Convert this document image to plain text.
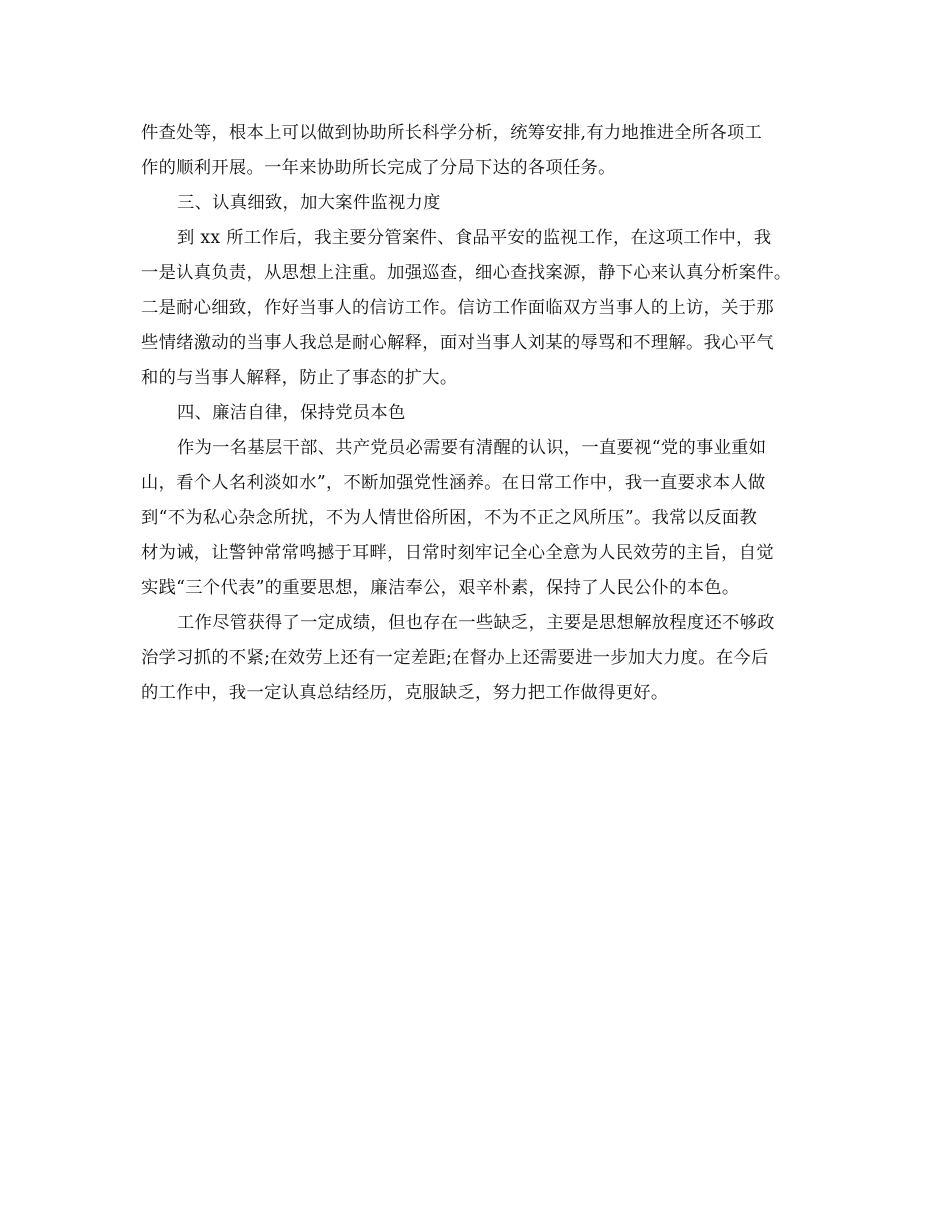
件查处等，根本上可以做到协助所长科学分析，统筹安排,有力地推进全所各项工
作的顺利开展。一年来协助所长完成了分局下达的各项任务。
三、认真细致，加大案件监视力度
到 xx 所工作后，我主要分管案件、食品平安的监视工作，在这项工作中，我
一是认真负责，从思想上注重。加强巡查，细心查找案源，静下心来认真分析案件。
二是耐心细致，作好当事人的信访工作。信访工作面临双方当事人的上访，关于那
些情绪激动的当事人我总是耐心解释，面对当事人刘某的辱骂和不理解。我心平气
和的与当事人解释，防止了事态的扩大。
四、廉洁自律，保持党员本色
作为一名基层干部、共产党员必需要有清醒的认识，一直要视“党的事业重如
山，看个人名利淡如水”，不断加强党性涵养。在日常工作中，我一直要求本人做
到“不为私心杂念所扰，不为人情世俗所困，不为不正之风所压”。我常以反面教
材为诫，让警钟常常鸣撼于耳畔，日常时刻牢记全心全意为人民效劳的主旨，自觉
实践“三个代表”的重要思想，廉洁奉公，艰辛朴素，保持了人民公仆的本色。
工作尽管获得了一定成绩，但也存在一些缺乏，主要是思想解放程度还不够政
治学习抓的不紧;在效劳上还有一定差距;在督办上还需要进一步加大力度。在今后
的工作中，我一定认真总结经历，克服缺乏，努力把工作做得更好。
